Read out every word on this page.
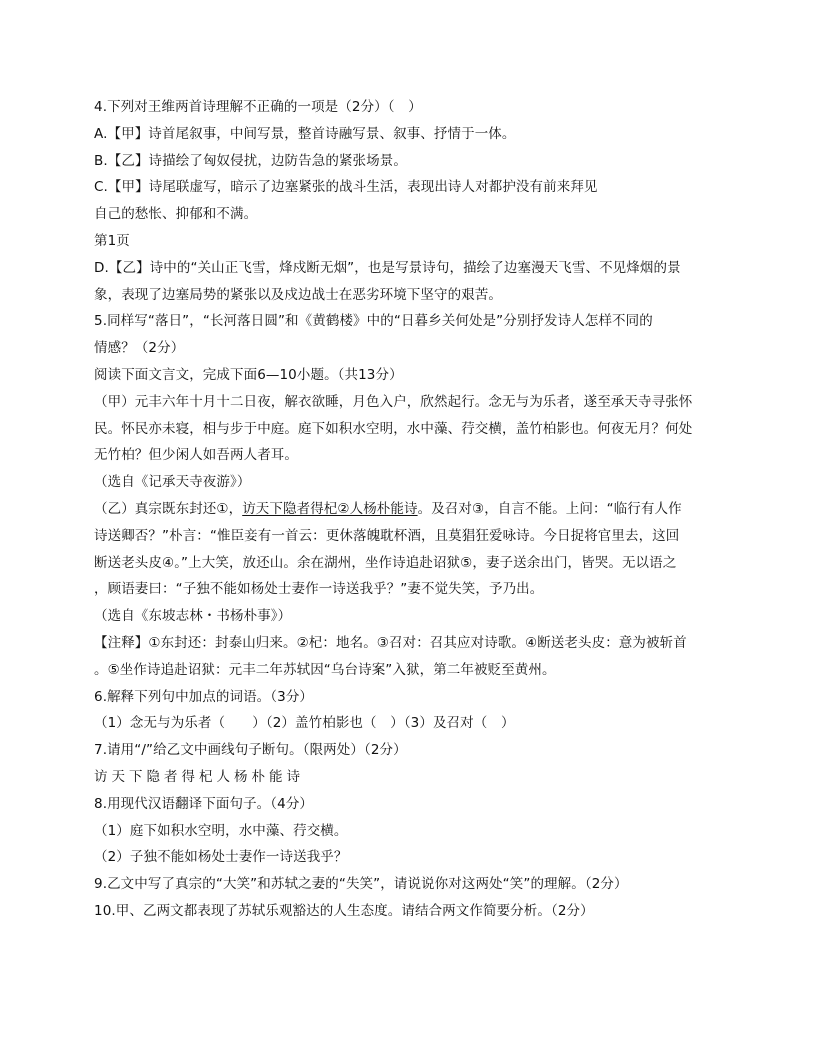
4.下列对王维两首诗理解不正确的一项是（2分）（　）
A.【甲】诗首尾叙事，中间写景，整首诗融写景、叙事、抒情于一体。
B.【乙】诗描绘了匈奴侵扰，边防告急的紧张场景。
C.【甲】诗尾联虚写，暗示了边塞紧张的战斗生活，表现出诗人对都护没有前来拜见
自己的愁怅、抑郁和不满。
第1页
D.【乙】诗中的“关山正飞雪，烽戍断无烟”，也是写景诗句，描绘了边塞漫天飞雪、不见烽烟的景
象，表现了边塞局势的紧张以及戍边战士在恶劣环境下坚守的艰苦。
5.同样写“落日”，“长河落日圆”和《黄鹤楼》中的“日暮乡关何处是”分别抒发诗人怎样不同的
情感？（2分）
阅读下面文言文，完成下面6—10小题。（共13分）
（甲）元丰六年十月十二日夜，解衣欲睡，月色入户，欣然起行。念无与为乐者，遂至承天寺寻张怀
民。怀民亦未寝，相与步于中庭。庭下如积水空明，水中藻、荇交横，盖竹柏影也。何夜无月？何处
无竹柏？但少闲人如吾两人者耳。
（选自《记承天寺夜游》）
（乙）真宗既东封还①，访天下隐者得杞②人杨朴能诗。及召对③，自言不能。上问：“临行有人作
诗送卿否？”朴言：“惟臣妾有一首云：更休落魄耽杯酒，且莫猖狂爱咏诗。今日捉将官里去，这回
断送老头皮④。”上大笑，放还山。余在湖州，坐作诗追赴诏狱⑤，妻子送余出门，皆哭。无以语之
，顾语妻曰：“子独不能如杨处士妻作一诗送我乎？”妻不觉失笑，予乃出。
（选自《东坡志林・书杨朴事》）
【注释】①东封还：封泰山归来。②杞：地名。③召对：召其应对诗歌。④断送老头皮：意为被斩首
。⑤坐作诗追赴诏狱：元丰二年苏轼因“乌台诗案”入狱，第二年被贬至黄州。
6.解释下列句中加点的词语。（3分）
（1）念无与为乐者（　　）（2）盖竹柏影也（　）（3）及召对（　）
7.请用“/”给乙文中画线句子断句。（限两处）（2分）
访天下隐者得杞人杨朴能诗
8.用现代汉语翻译下面句子。（4分）
（1）庭下如积水空明，水中藻、荇交横。
（2）子独不能如杨处士妻作一诗送我乎？
9.乙文中写了真宗的“大笑”和苏轼之妻的“失笑”，请说说你对这两处“笑”的理解。（2分）
10.甲、乙两文都表现了苏轼乐观豁达的人生态度。请结合两文作简要分析。（2分）
